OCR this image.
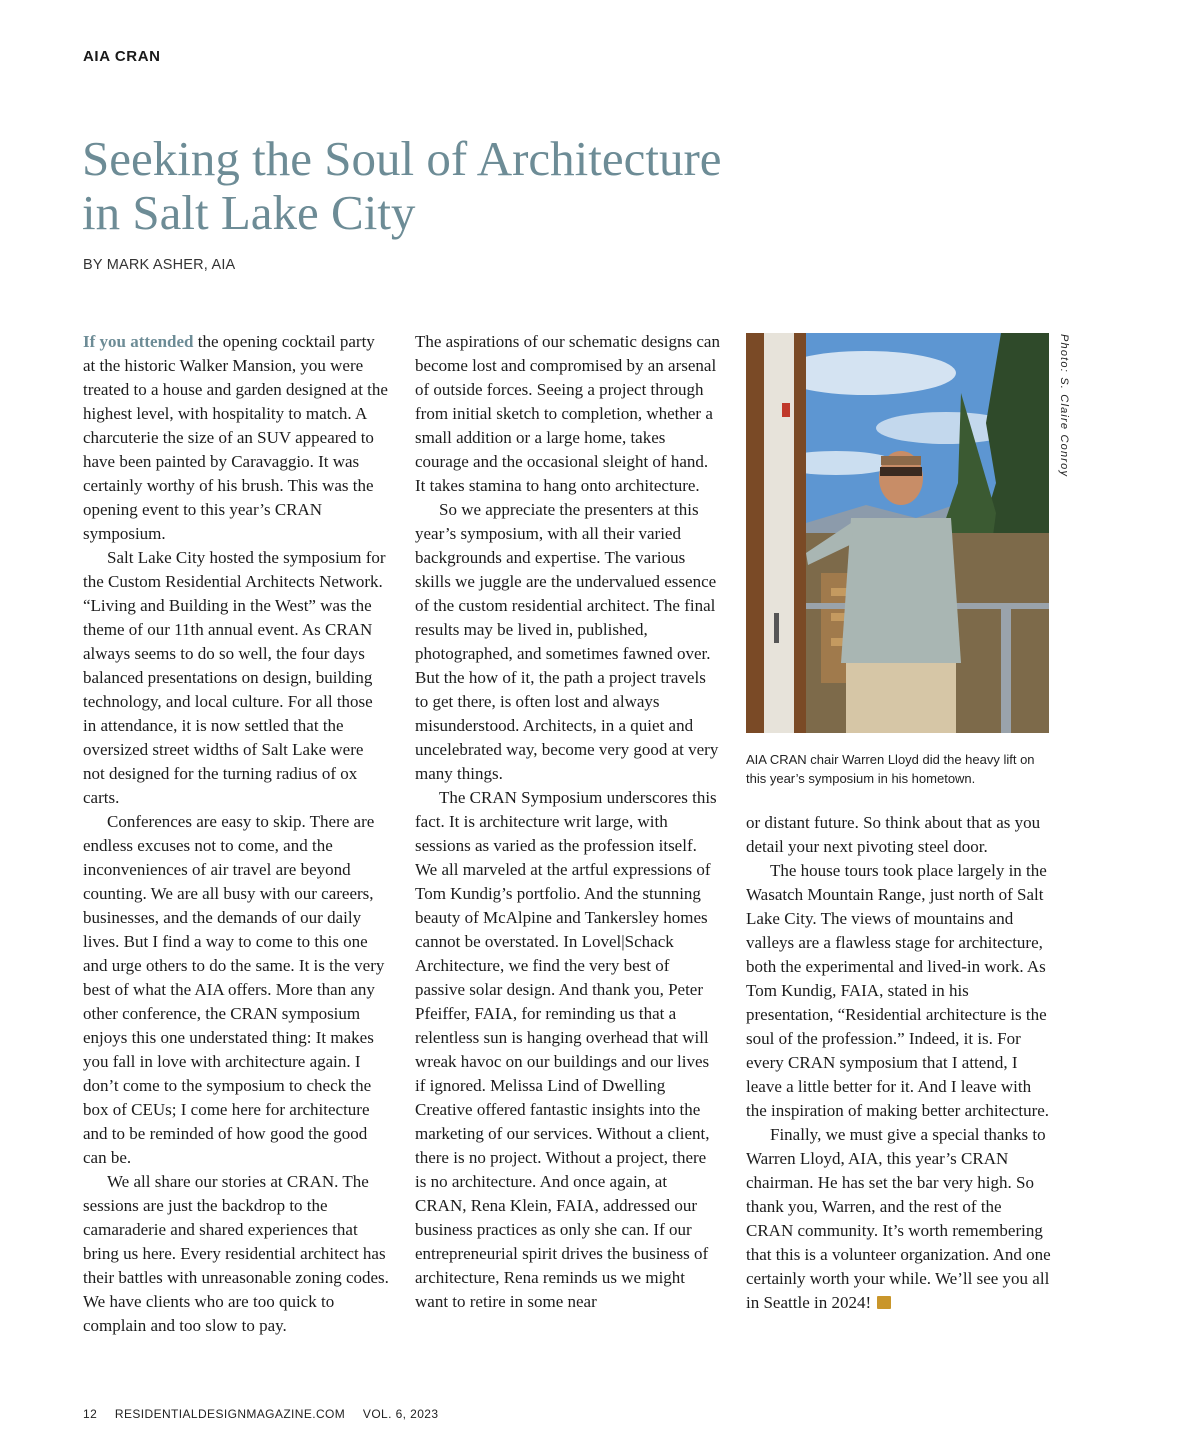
AIA CRAN
Seeking the Soul of Architecture
in Salt Lake City
BY MARK ASHER, AIA

If you attended the opening cocktail party at the historic Walker Mansion, you were treated to a house and garden designed at the highest level, with hospitality to match. A charcuterie the size of an SUV appeared to have been painted by Caravaggio. It was certainly worthy of his brush. This was the opening event to this year’s CRAN symposium.

Salt Lake City hosted the symposium for the Custom Residential Architects Network. “Living and Building in the West” was the theme of our 11th annual event. As CRAN always seems to do so well, the four days balanced presentations on design, building technology, and local culture. For all those in attendance, it is now settled that the oversized street widths of Salt Lake were not designed for the turning radius of ox carts.

Conferences are easy to skip. There are endless excuses not to come, and the inconveniences of air travel are beyond counting. We are all busy with our careers, businesses, and the demands of our daily lives. But I find a way to come to this one and urge others to do the same. It is the very best of what the AIA offers. More than any other conference, the CRAN symposium enjoys this one understated thing: It makes you fall in love with architecture again. I don’t come to the symposium to check the box of CEUs; I come here for architecture and to be reminded of how good the good can be.

We all share our stories at CRAN. The sessions are just the backdrop to the camaraderie and shared experiences that bring us here. Every residential architect has their battles with unreasonable zoning codes. We have clients who are too quick to complain and too slow to pay.

The aspirations of our schematic designs can become lost and compromised by an arsenal of outside forces. Seeing a project through from initial sketch to completion, whether a small addition or a large home, takes courage and the occasional sleight of hand. It takes stamina to hang onto architecture.

So we appreciate the presenters at this year’s symposium, with all their varied backgrounds and expertise. The various skills we juggle are the undervalued essence of the custom residential architect. The final results may be lived in, published, photographed, and sometimes fawned over. But the how of it, the path a project travels to get there, is often lost and always misunderstood. Architects, in a quiet and uncelebrated way, become very good at very many things.

The CRAN Symposium underscores this fact. It is architecture writ large, with sessions as varied as the profession itself. We all marveled at the artful expressions of Tom Kundig’s portfolio. And the stunning beauty of McAlpine and Tankersley homes cannot be overstated. In Lovel|Schack Architecture, we find the very best of passive solar design. And thank you, Peter Pfeiffer, FAIA, for reminding us that a relentless sun is hanging overhead that will wreak havoc on our buildings and our lives if ignored. Melissa Lind of Dwelling Creative offered fantastic insights into the marketing of our services. Without a client, there is no project. Without a project, there is no architecture. And once again, at CRAN, Rena Klein, FAIA, addressed our business practices as only she can. If our entrepreneurial spirit drives the business of architecture, Rena reminds us we might want to retire in some near

Photo: S. Claire Conroy

AIA CRAN chair Warren Lloyd did the heavy lift on this year’s symposium in his hometown.

or distant future. So think about that as you detail your next pivoting steel door.

The house tours took place largely in the Wasatch Mountain Range, just north of Salt Lake City. The views of mountains and valleys are a flawless stage for architecture, both the experimental and lived-in work. As Tom Kundig, FAIA, stated in his presentation, “Residential architecture is the soul of the profession.” Indeed, it is. For every CRAN symposium that I attend, I leave a little better for it. And I leave with the inspiration of making better architecture.

Finally, we must give a special thanks to Warren Lloyd, AIA, this year’s CRAN chairman. He has set the bar very high. So thank you, Warren, and the rest of the CRAN community. It’s worth remembering that this is a volunteer organization. And one certainly worth your while. We’ll see you all in Seattle in 2024!RD

12 RESIDENTIALDESIGNMAGAZINE.COM VOL. 6, 2023
